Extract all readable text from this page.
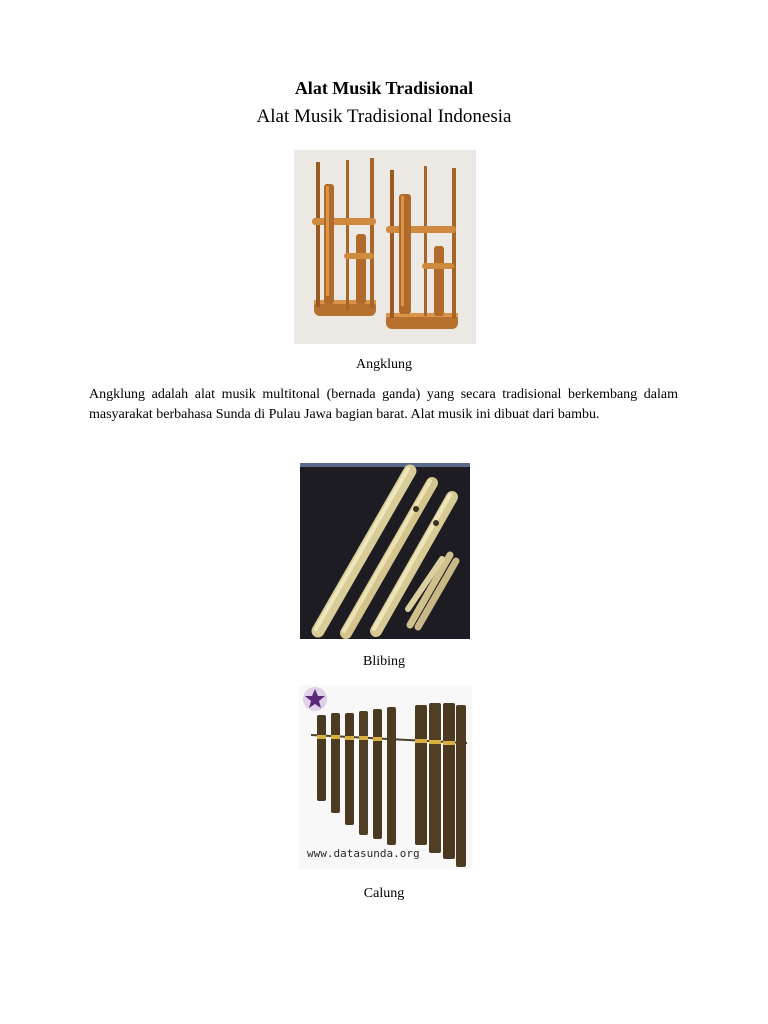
Alat Musik Tradisional
Alat Musik Tradisional Indonesia
Angklung
Angklung adalah alat musik multitonal (bernada ganda) yang secara tradisional berkembang dalam masyarakat berbahasa Sunda di Pulau Jawa bagian barat. Alat musik ini dibuat dari bambu.
Blibing
www.datasunda.org
Calung
